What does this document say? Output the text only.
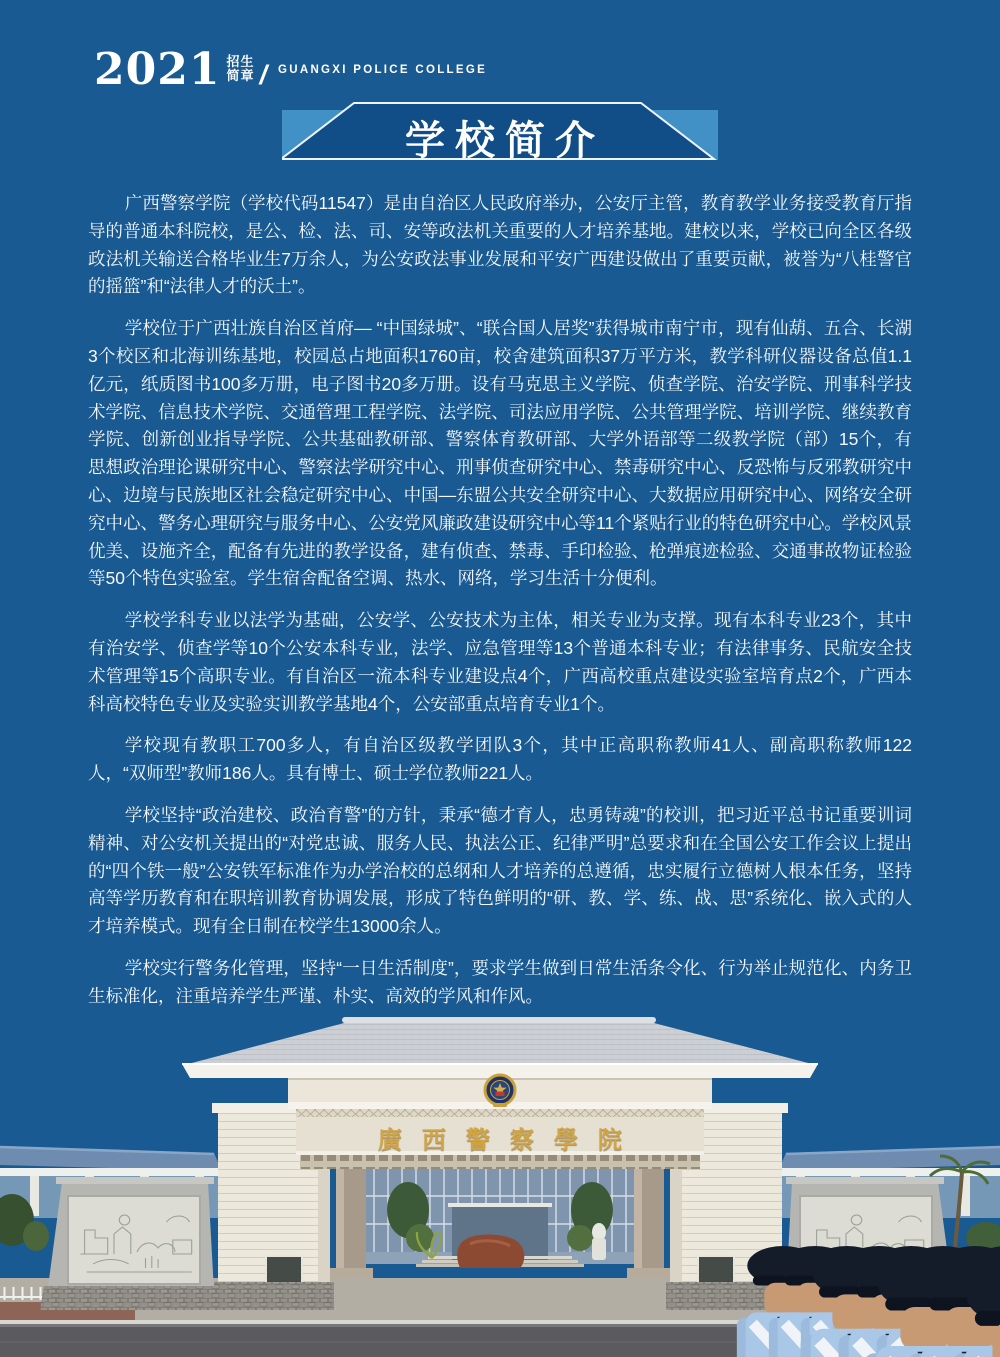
2021 招生
简章 / GUANGXI POLICE COLLEGE
学校简介

广西警察学院（学校代码11547）是由自治区人民政府举办，公安厅主管，教育教学业务接受教育厅指导的普通本科院校，是公、检、法、司、安等政法机关重要的人才培养基地。建校以来，学校已向全区各级政法机关输送合格毕业生7万余人，为公安政法事业发展和平安广西建设做出了重要贡献，被誉为“八桂警官的摇篮”和“法律人才的沃土”。

学校位于广西壮族自治区首府— “中国绿城”、“联合国人居奖”获得城市南宁市，现有仙葫、五合、长湖3个校区和北海训练基地，校园总占地面积1760亩，校舍建筑面积37万平方米，教学科研仪器设备总值1.1亿元，纸质图书100多万册，电子图书20多万册。设有马克思主义学院、侦查学院、治安学院、刑事科学技术学院、信息技术学院、交通管理工程学院、法学院、司法应用学院、公共管理学院、培训学院、继续教育学院、创新创业指导学院、公共基础教研部、警察体育教研部、大学外语部等二级教学院（部）15个，有思想政治理论课研究中心、警察法学研究中心、刑事侦查研究中心、禁毒研究中心、反恐怖与反邪教研究中心、边境与民族地区社会稳定研究中心、中国—东盟公共安全研究中心、大数据应用研究中心、网络安全研究中心、警务心理研究与服务中心、公安党风廉政建设研究中心等11个紧贴行业的特色研究中心。学校风景优美、设施齐全，配备有先进的教学设备，建有侦查、禁毒、手印检验、枪弹痕迹检验、交通事故物证检验等50个特色实验室。学生宿舍配备空调、热水、网络，学习生活十分便利。

学校学科专业以法学为基础，公安学、公安技术为主体，相关专业为支撑。现有本科专业23个，其中有治安学、侦查学等10个公安本科专业，法学、应急管理等13个普通本科专业；有法律事务、民航安全技术管理等15个高职专业。有自治区一流本科专业建设点4个，广西高校重点建设实验室培育点2个，广西本科高校特色专业及实验实训教学基地4个，公安部重点培育专业1个。

学校现有教职工700多人，有自治区级教学团队3个，其中正高职称教师41人、副高职称教师122人，“双师型”教师186人。具有博士、硕士学位教师221人。

学校坚持“政治建校、政治育警”的方针，秉承“德才育人，忠勇铸魂”的校训，把习近平总书记重要训词精神、对公安机关提出的“对党忠诚、服务人民、执法公正、纪律严明”总要求和在全国公安工作会议上提出的“四个铁一般”公安铁军标准作为办学治校的总纲和人才培养的总遵循，忠实履行立德树人根本任务，坚持高等学历教育和在职培训教育协调发展，形成了特色鲜明的“研、教、学、练、战、思”系统化、嵌入式的人才培养模式。现有全日制在校学生13000余人。

学校实行警务化管理，坚持“一日生活制度”，要求学生做到日常生活条令化、行为举止规范化、内务卫生标准化，注重培养学生严谨、朴实、高效的学风和作风。

廣西警察學院
